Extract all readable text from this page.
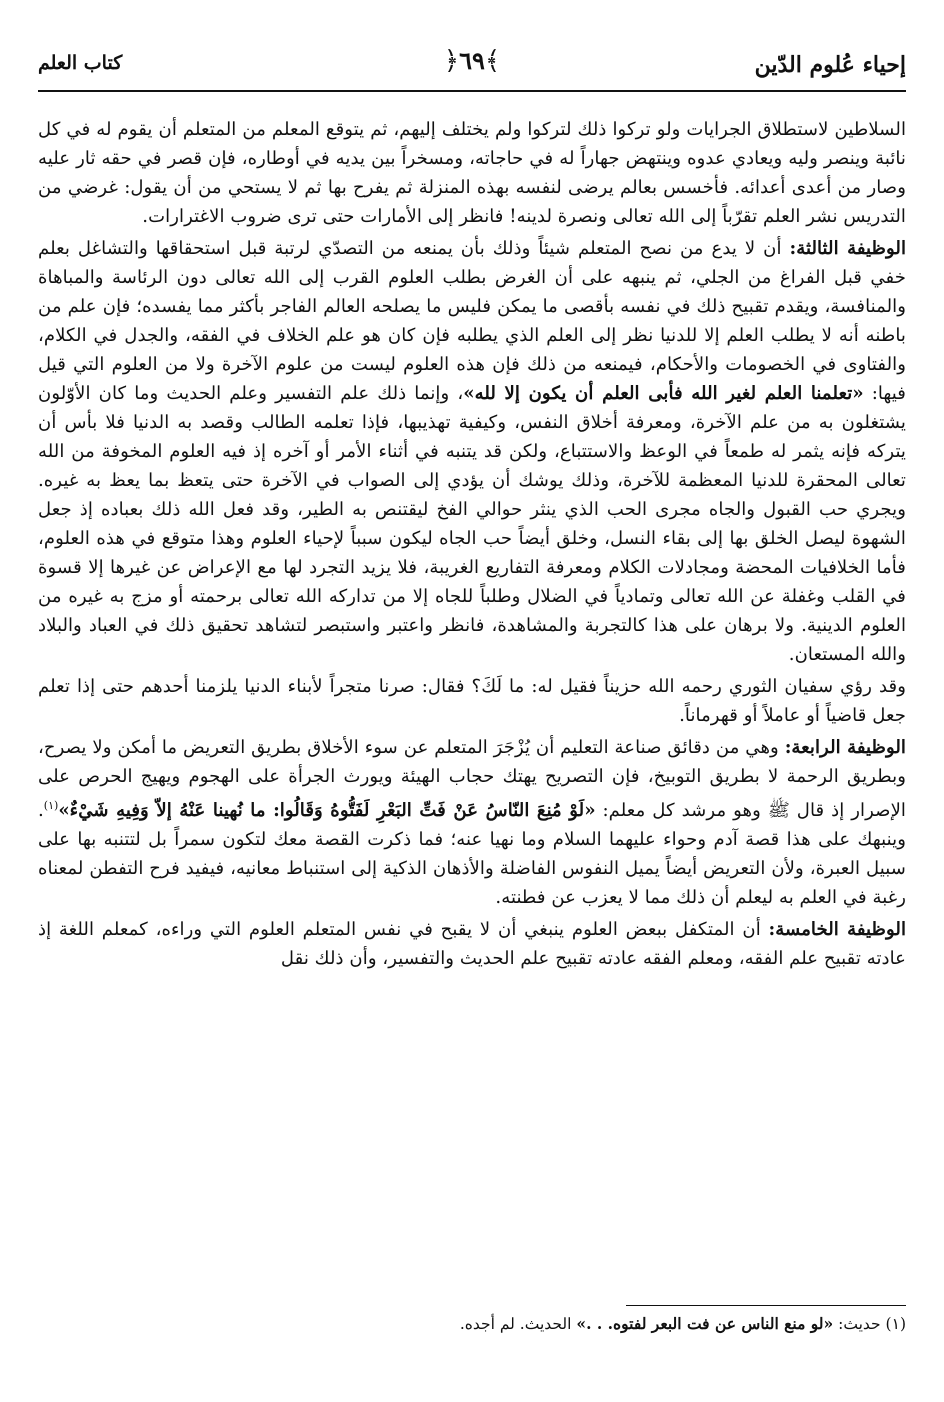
إحياء عُلوم الدّين
﴾٦٩﴿
كتاب العلم

السلاطين لاستطلاق الجرايات ولو تركوا ذلك لتركوا ولم يختلف إليهم، ثم يتوقع المعلم من المتعلم أن يقوم له في كل نائبة وينصر وليه ويعادي عدوه وينتهض جهاراً له في حاجاته، ومسخراً بين يديه في أوطاره، فإن قصر في حقه ثار عليه وصار من أعدى أعدائه. فأخسس بعالم يرضى لنفسه بهذه المنزلة ثم يفرح بها ثم لا يستحي من أن يقول: غرضي من التدريس نشر العلم تقرّباً إلى الله تعالى ونصرة لدينه! فانظر إلى الأمارات حتى ترى ضروب الاغترارات.

الوظيفة الثالثة: أن لا يدع من نصح المتعلم شيئاً وذلك بأن يمنعه من التصدّي لرتبة قبل استحقاقها والتشاغل بعلم خفي قبل الفراغ من الجلي، ثم ينبهه على أن الغرض بطلب العلوم القرب إلى الله تعالى دون الرئاسة والمباهاة والمنافسة، ويقدم تقبيح ذلك في نفسه بأقصى ما يمكن فليس ما يصلحه العالم الفاجر بأكثر مما يفسده؛ فإن علم من باطنه أنه لا يطلب العلم إلا للدنيا نظر إلى العلم الذي يطلبه فإن كان هو علم الخلاف في الفقه، والجدل في الكلام، والفتاوى في الخصومات والأحكام، فيمنعه من ذلك فإن هذه العلوم ليست من علوم الآخرة ولا من العلوم التي قيل فيها: «تعلمنا العلم لغير الله فأبى العلم أن يكون إلا لله»، وإنما ذلك علم التفسير وعلم الحديث وما كان الأوّلون يشتغلون به من علم الآخرة، ومعرفة أخلاق النفس، وكيفية تهذيبها، فإذا تعلمه الطالب وقصد به الدنيا فلا بأس أن يتركه فإنه يثمر له طمعاً في الوعظ والاستتباع، ولكن قد يتنبه في أثناء الأمر أو آخره إذ فيه العلوم المخوفة من الله تعالى المحقرة للدنيا المعظمة للآخرة، وذلك يوشك أن يؤدي إلى الصواب في الآخرة حتى يتعظ بما يعظ به غيره. ويجري حب القبول والجاه مجرى الحب الذي ينثر حوالي الفخ ليقتنص به الطير، وقد فعل الله ذلك بعباده إذ جعل الشهوة ليصل الخلق بها إلى بقاء النسل، وخلق أيضاً حب الجاه ليكون سبباً لإحياء العلوم وهذا متوقع في هذه العلوم، فأما الخلافيات المحضة ومجادلات الكلام ومعرفة التفاريع الغريبة، فلا يزيد التجرد لها مع الإعراض عن غيرها إلا قسوة في القلب وغفلة عن الله تعالى وتمادياً في الضلال وطلباً للجاه إلا من تداركه الله تعالى برحمته أو مزج به غيره من العلوم الدينية. ولا برهان على هذا كالتجربة والمشاهدة، فانظر واعتبر واستبصر لتشاهد تحقيق ذلك في العباد والبلاد والله المستعان.

وقد رؤي سفيان الثوري رحمه الله حزيناً فقيل له: ما لَكَ؟ فقال: صرنا متجراً لأبناء الدنيا يلزمنا أحدهم حتى إذا تعلم جعل قاضياً أو عاملاً أو قهرماناً.

الوظيفة الرابعة: وهي من دقائق صناعة التعليم أن يُزْجَرَ المتعلم عن سوء الأخلاق بطريق التعريض ما أمكن ولا يصرح، وبطريق الرحمة لا بطريق التوبيخ، فإن التصريح يهتك حجاب الهيئة ويورث الجرأة على الهجوم ويهيج الحرص على الإصرار إذ قال ﷺ وهو مرشد كل معلم: «لَوْ مُنِعَ النّاسُ عَنْ فَتِّ البَعْرِ لَفَتُّوهُ وَقَالُوا: ما نُهينا عَنْهُ إلاّ وَفِيهِ شَيْءٌ»$^{(١)}$. وينبهك على هذا قصة آدم وحواء عليهما السلام وما نهيا عنه؛ فما ذكرت القصة معك لتكون سمراً بل لتتنبه بها على سبيل العبرة، ولأن التعريض أيضاً يميل النفوس الفاضلة والأذهان الذكية إلى استنباط معانيه، فيفيد فرح التفطن لمعناه رغبة في العلم به ليعلم أن ذلك مما لا يعزب عن فطنته.

الوظيفة الخامسة: أن المتكفل ببعض العلوم ينبغي أن لا يقبح في نفس المتعلم العلوم التي وراءه، كمعلم اللغة إذ عادته تقبيح علم الفقه، ومعلم الفقه عادته تقبيح علم الحديث والتفسير، وأن ذلك نقل

(١) حديث: «لو منع الناس عن فت البعر لفتوه. . .» الحديث. لم أجده.
